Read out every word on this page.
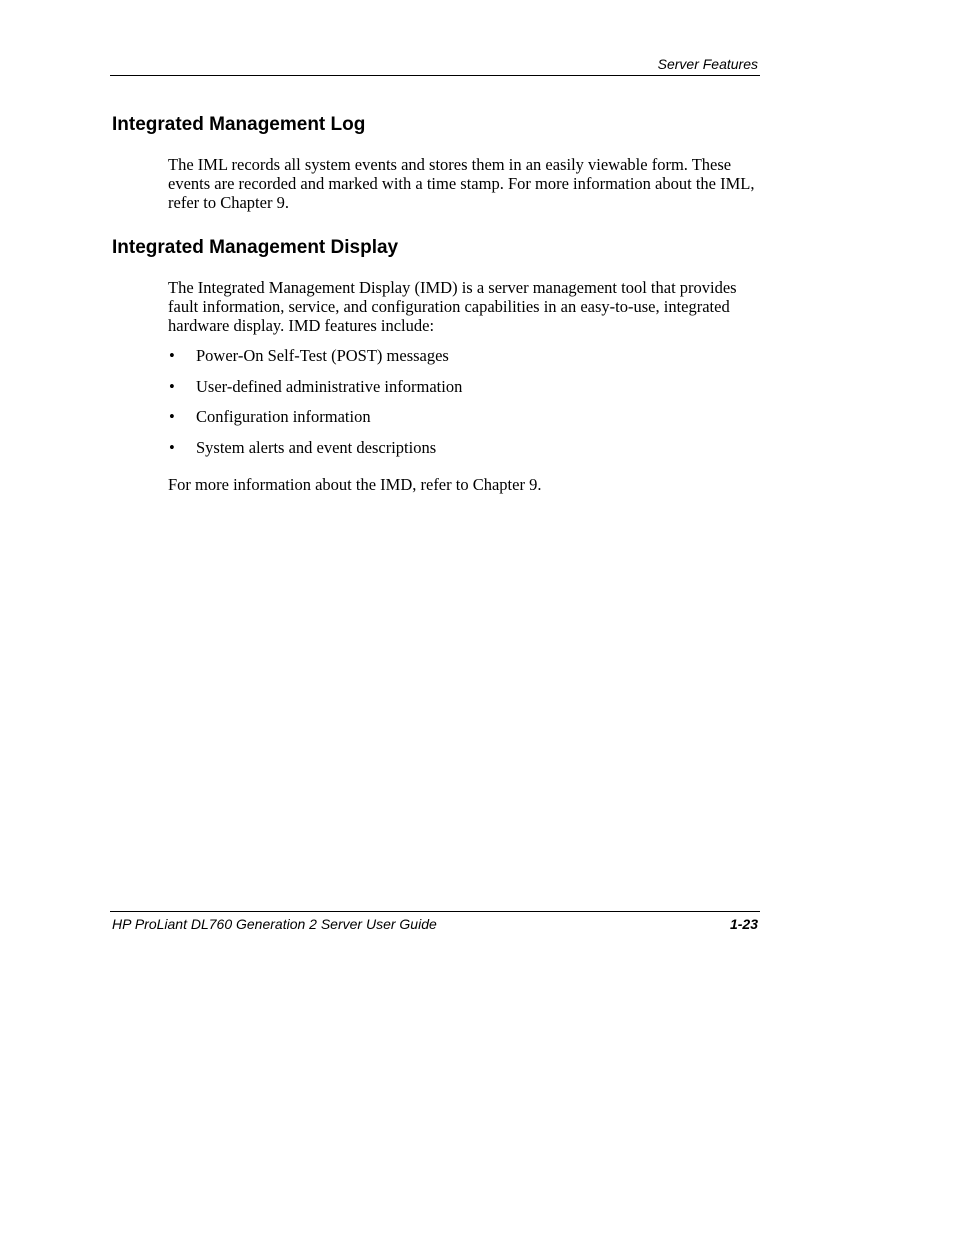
Server Features
Integrated Management Log

The IML records all system events and stores them in an easily viewable form. These events are recorded and marked with a time stamp. For more information about the IML, refer to Chapter 9.

Integrated Management Display

The Integrated Management Display (IMD) is a server management tool that provides fault information, service, and configuration capabilities in an easy-to-use, integrated hardware display. IMD features include:

• Power-On Self-Test (POST) messages
• User-defined administrative information
• Configuration information
• System alerts and event descriptions

For more information about the IMD, refer to Chapter 9.

HP ProLiant DL760 Generation 2 Server User Guide	1-23
